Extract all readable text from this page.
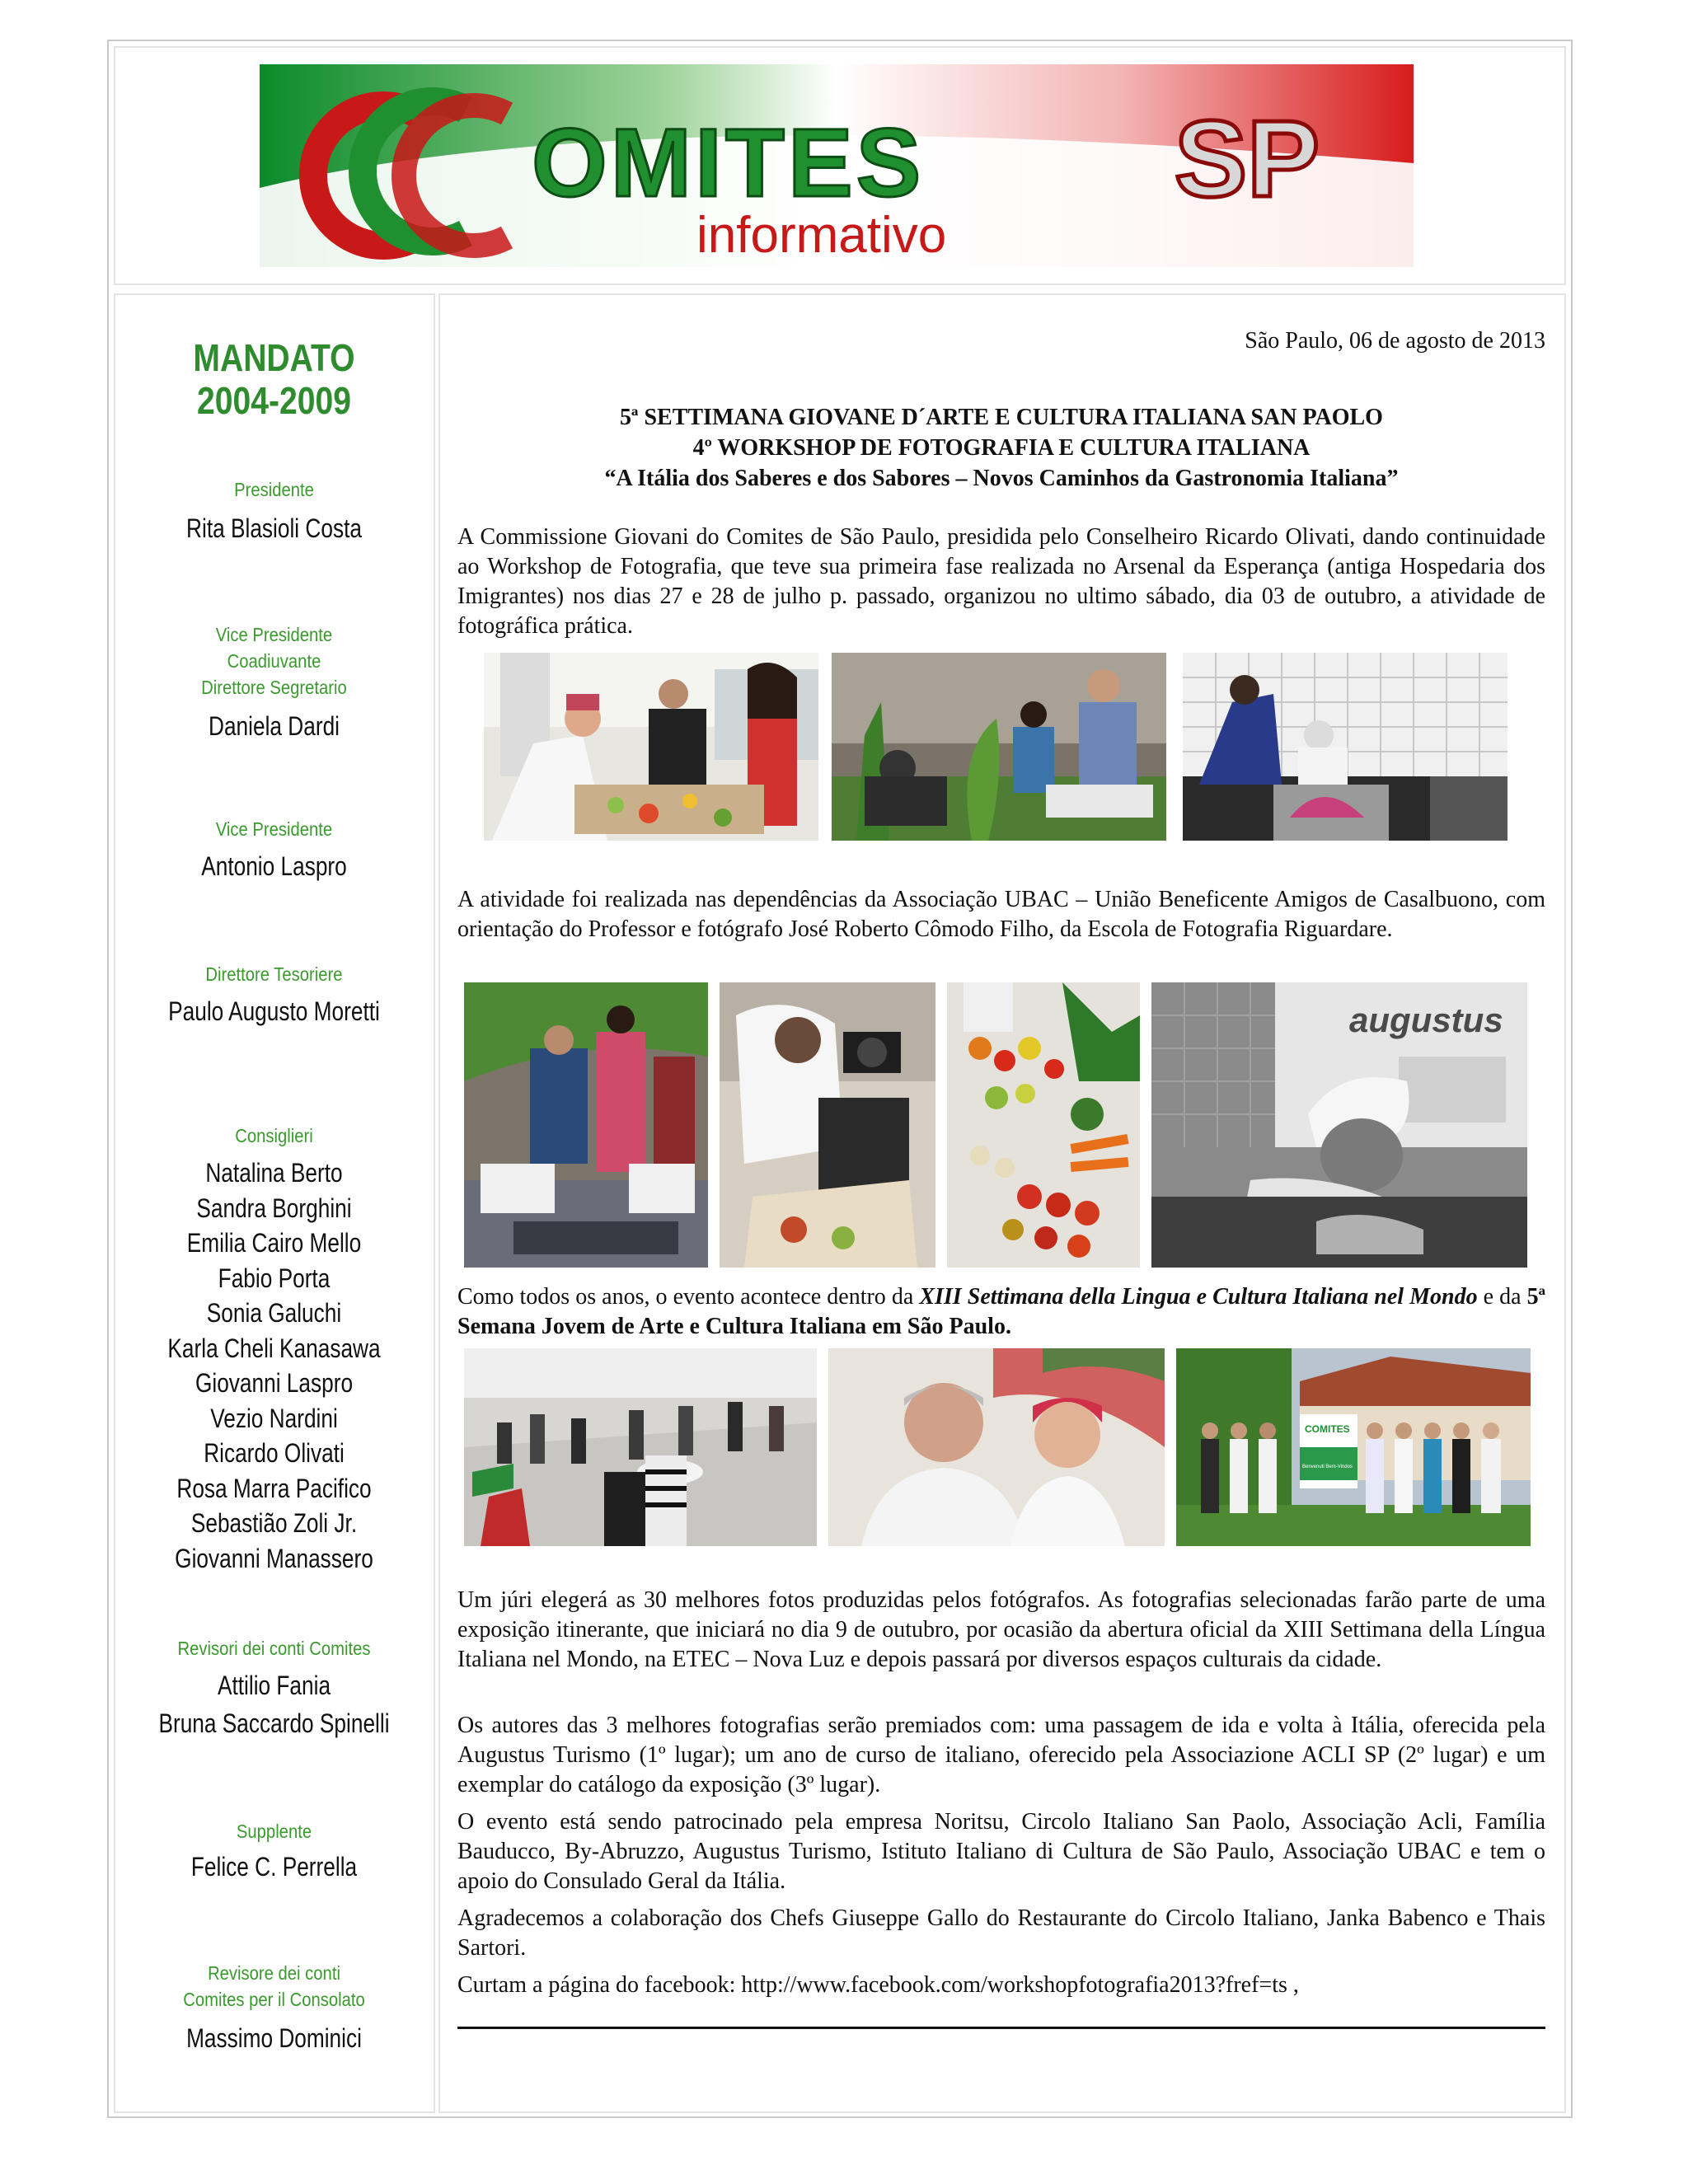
OMITES SP
informativo

MANDATO

2004-2009

Presidente
Rita Blasioli Costa
Vice Presidente
Coadiuvante
Direttore Segretario
Daniela Dardi
Vice Presidente
Antonio Laspro
Direttore Tesoriere
Paulo Augusto Moretti
Consiglieri
Natalina Berto
Sandra Borghini
Emilia Cairo Mello
Fabio Porta
Sonia Galuchi
Karla Cheli Kanasawa
Giovanni Laspro
Vezio Nardini
Ricardo Olivati
Rosa Marra Pacifico
Sebastião Zoli Jr.
Giovanni Manassero
Revisori dei conti Comites
Attilio Fania
Bruna Saccardo Spinelli
Supplente
Felice C. Perrella
Revisore dei conti
Comites per il Consolato
Massimo Dominici
São Paulo, 06 de agosto de 2013
5ª SETTIMANA GIOVANE D´ARTE E CULTURA ITALIANA SAN PAOLO
4º WORKSHOP DE FOTOGRAFIA E CULTURA ITALIANA
“A Itália dos Saberes e dos Sabores – Novos Caminhos da Gastronomia Italiana”

A Commissione Giovani do Comites de São Paulo, presidida pelo Conselheiro Ricardo Olivati, dando continuidade ao Workshop de Fotografia, que teve sua primeira fase realizada no Arsenal da Esperança (antiga Hospedaria dos Imigrantes) nos dias 27 e 28 de julho p. passado, organizou no ultimo sábado, dia 03 de outubro, a atividade de fotográfica prática.

A atividade foi realizada nas dependências da Associação UBAC – União Beneficente Amigos de Casalbuono, com orientação do Professor e fotógrafo José Roberto Cômodo Filho, da Escola de Fotografia Riguardare.

augustus

Como todos os anos, o evento acontece dentro da XIII Settimana della Lingua e Cultura Italiana nel Mondo e da 5ª Semana Jovem de Arte e Cultura Italiana em São Paulo.

COMITES
Benvenuti Bem-Vindos

Um júri elegerá as 30 melhores fotos produzidas pelos fotógrafos. As fotografias selecionadas farão parte de uma exposição itinerante, que iniciará no dia 9 de outubro, por ocasião da abertura oficial da XIII Settimana della Língua Italiana nel Mondo, na ETEC – Nova Luz e depois passará por diversos espaços culturais da cidade.

Os autores das 3 melhores fotografias serão premiados com: uma passagem de ida e volta à Itália, oferecida pela Augustus Turismo (1º lugar); um ano de curso de italiano, oferecido pela Associazione ACLI SP (2º lugar) e um exemplar do catálogo da exposição (3º lugar).

O evento está sendo patrocinado pela empresa Noritsu, Circolo Italiano San Paolo, Associação Acli, Família Bauducco, By-Abruzzo, Augustus Turismo, Istituto Italiano di Cultura de São Paulo, Associação UBAC e tem o apoio do Consulado Geral da Itália.

Agradecemos a colaboração dos Chefs Giuseppe Gallo do Restaurante do Circolo Italiano, Janka Babenco e Thais Sartori.

Curtam a página do facebook: http://www.facebook.com/workshopfotografia2013?fref=ts ,
